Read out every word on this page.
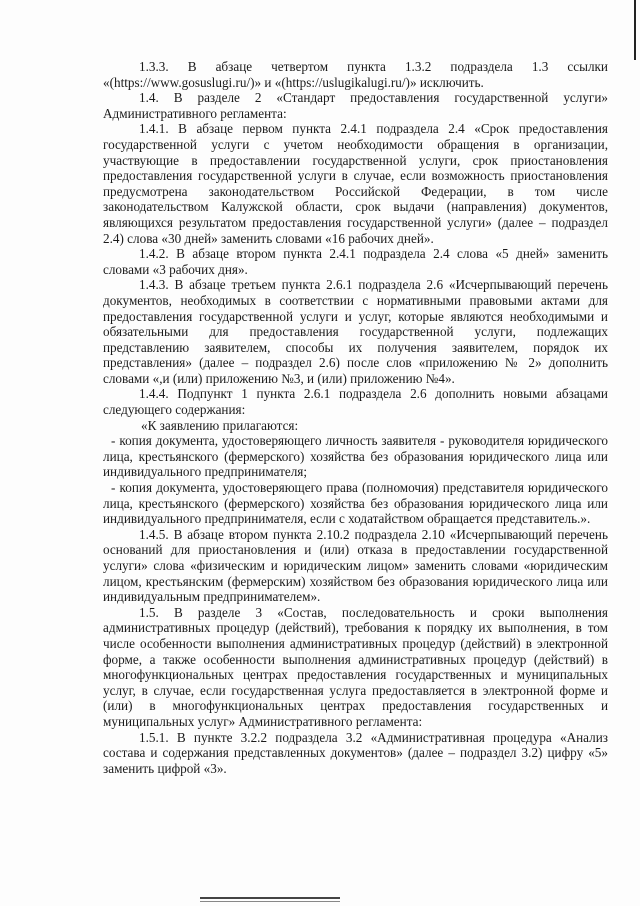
1.3.3. В абзаце четвертом пункта 1.3.2 подраздела 1.3 ссылки «(https://www.gosuslugi.ru/)» и «(https://uslugikalugi.ru/)» исключить.

1.4. В разделе 2 «Стандарт предоставления государственной услуги» Административного регламента:

1.4.1. В абзаце первом пункта 2.4.1 подраздела 2.4 «Срок предоставления государственной услуги с учетом необходимости обращения в организации, участвующие в предоставлении государственной услуги, срок приостановления предоставления государственной услуги в случае, если возможность приостановления предусмотрена законодательством Российской Федерации, в том числе законодательством Калужской области, срок выдачи (направления) документов, являющихся результатом предоставления государственной услуги» (далее – подраздел 2.4) слова «30 дней» заменить словами «16 рабочих дней».

1.4.2. В абзаце втором пункта 2.4.1 подраздела 2.4 слова «5 дней» заменить словами «3 рабочих дня».

1.4.3. В абзаце третьем пункта 2.6.1 подраздела 2.6 «Исчерпывающий перечень документов, необходимых в соответствии с нормативными правовыми актами для предоставления государственной услуги и услуг, которые являются необходимыми и обязательными для предоставления государственной услуги, подлежащих представлению заявителем, способы их получения заявителем, порядок их представления» (далее – подраздел 2.6) после слов «приложению № 2» дополнить словами «,и (или) приложению №3, и (или) приложению №4».

1.4.4. Подпункт 1 пункта 2.6.1 подраздела 2.6 дополнить новыми абзацами следующего содержания:

«К заявлению прилагаются:

- копия документа, удостоверяющего личность заявителя - руководителя юридического лица, крестьянского (фермерского) хозяйства без образования юридического лица или индивидуального предпринимателя;

- копия документа, удостоверяющего права (полномочия) представителя юридического лица, крестьянского (фермерского) хозяйства без образования юридического лица или индивидуального предпринимателя, если с ходатайством обращается представитель.».

1.4.5. В абзаце втором пункта 2.10.2 подраздела 2.10 «Исчерпывающий перечень оснований для приостановления и (или) отказа в предоставлении государственной услуги» слова «физическим и юридическим лицом» заменить словами «юридическим лицом, крестьянским (фермерским) хозяйством без образования юридического лица или индивидуальным предпринимателем».

1.5. В разделе 3 «Состав, последовательность и сроки выполнения административных процедур (действий), требования к порядку их выполнения, в том числе особенности выполнения административных процедур (действий) в электронной форме, а также особенности выполнения административных процедур (действий) в многофункциональных центрах предоставления государственных и муниципальных услуг, в случае, если государственная услуга предоставляется в электронной форме и (или) в многофункциональных центрах предоставления государственных и муниципальных услуг» Административного регламента:

1.5.1. В пункте 3.2.2 подраздела 3.2 «Административная процедура «Анализ состава и содержания представленных документов» (далее – подраздел 3.2) цифру «5» заменить цифрой «3».
